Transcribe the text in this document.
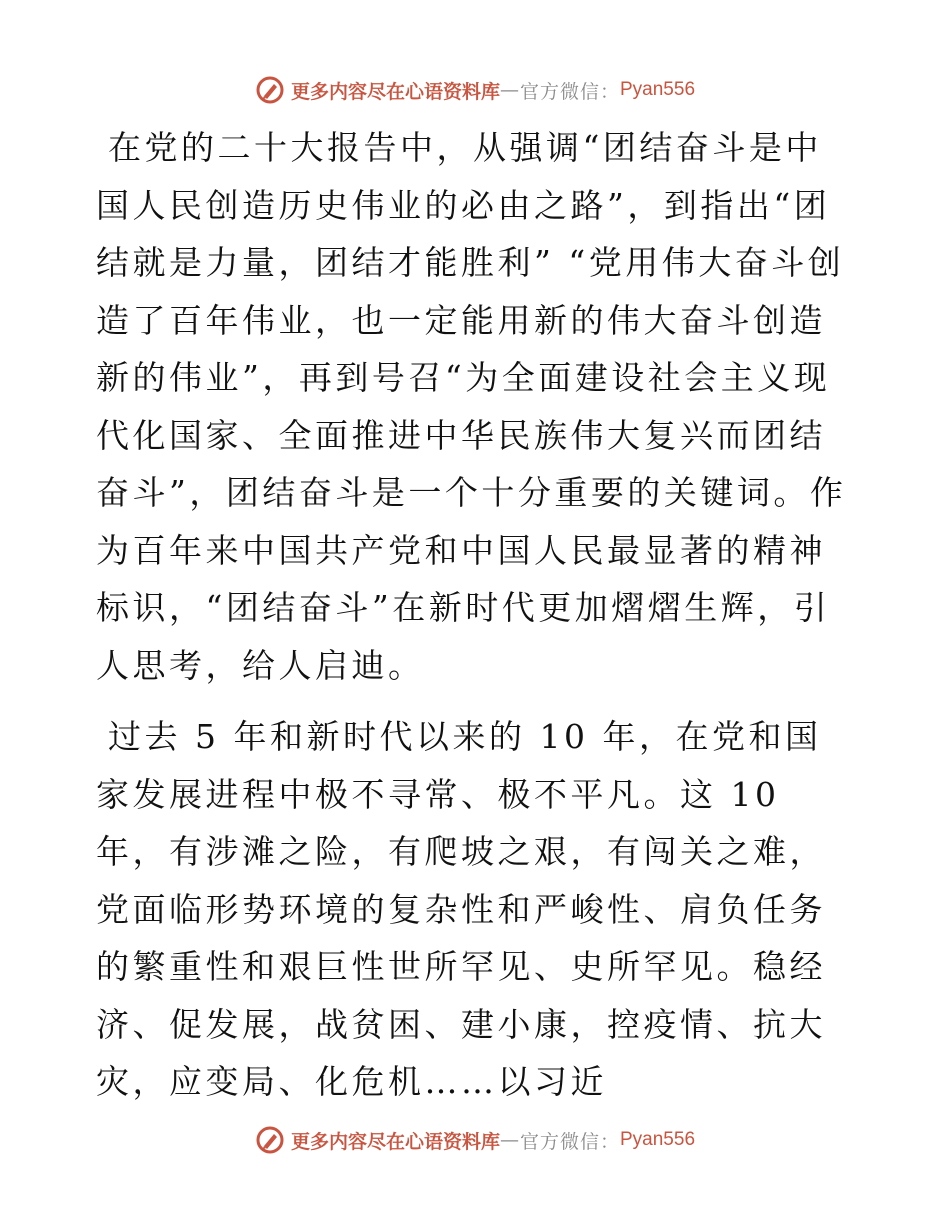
更多内容尽在心语资料库 — 官方微信： Pyan556

在党的二十大报告中，从强调“团结奋斗是中国人民创造历史伟业的必由之路”，到指出“团结就是力量，团结才能胜利” “党用伟大奋斗创造了百年伟业，也一定能用新的伟大奋斗创造新的伟业”，再到号召“为全面建设社会主义现代化国家、全面推进中华民族伟大复兴而团结奋斗”，团结奋斗是一个十分重要的关键词。作为百年来中国共产党和中国人民最显著的精神标识，“团结奋斗”在新时代更加熠熠生辉，引人思考，给人启迪。

过去 5 年和新时代以来的 10 年，在党和国家发展进程中极不寻常、极不平凡。这 10 年，有涉滩之险，有爬坡之艰，有闯关之难，党面临形势环境的复杂性和严峻性、肩负任务的繁重性和艰巨性世所罕见、史所罕见。稳经济、促发展，战贫困、建小康，控疫情、抗大灾，应变局、化危机……以习近

更多内容尽在心语资料库 — 官方微信： Pyan556
